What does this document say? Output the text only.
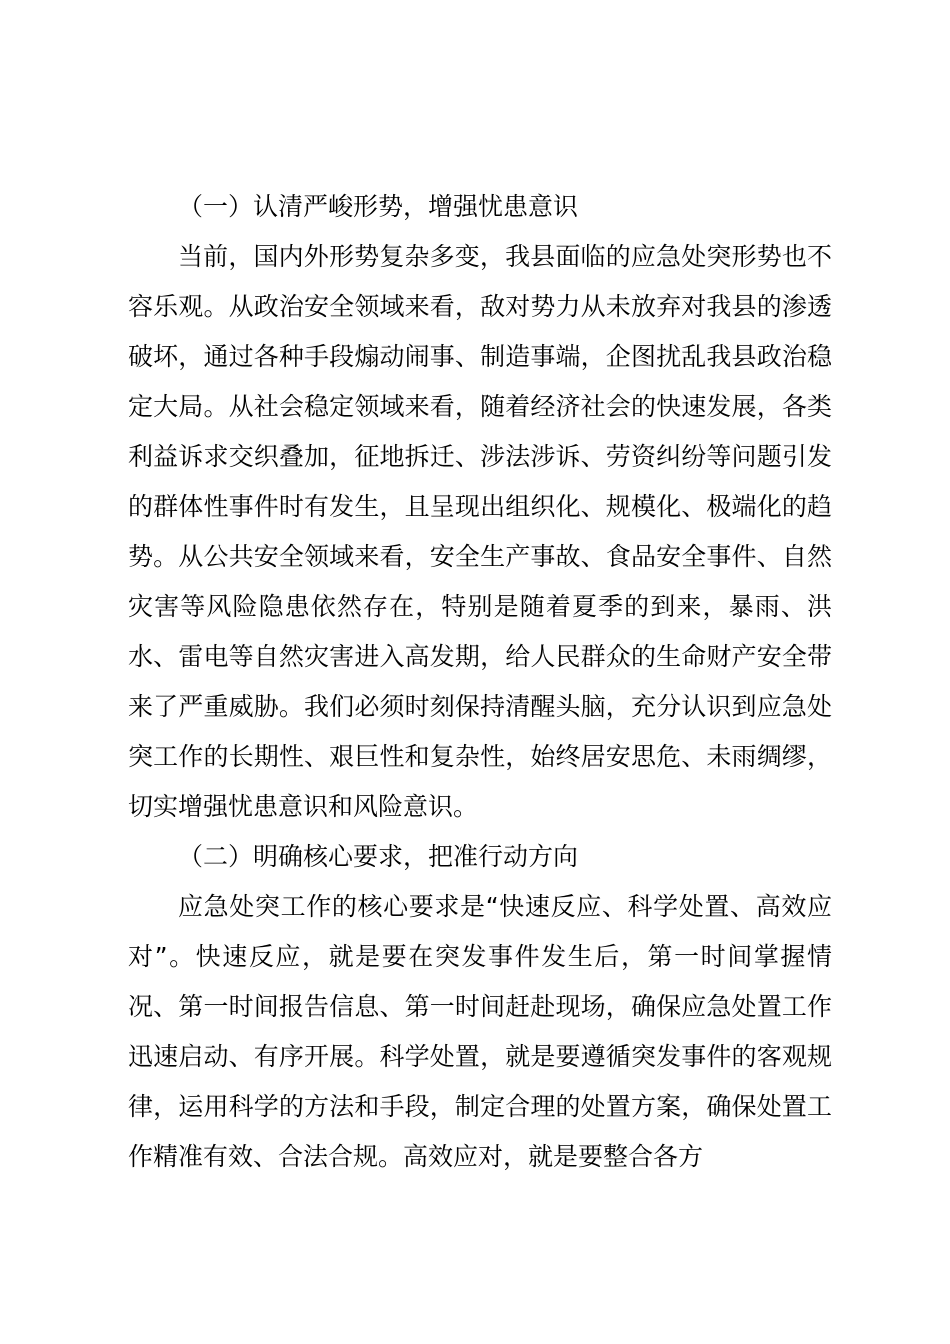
（一）认清严峻形势，增强忧患意识

当前，国内外形势复杂多变，我县面临的应急处突形势也不容乐观。从政治安全领域来看，敌对势力从未放弃对我县的渗透破坏，通过各种手段煽动闹事、制造事端，企图扰乱我县政治稳定大局。从社会稳定领域来看，随着经济社会的快速发展，各类利益诉求交织叠加，征地拆迁、涉法涉诉、劳资纠纷等问题引发的群体性事件时有发生，且呈现出组织化、规模化、极端化的趋势。从公共安全领域来看，安全生产事故、食品安全事件、自然灾害等风险隐患依然存在，特别是随着夏季的到来，暴雨、洪水、雷电等自然灾害进入高发期，给人民群众的生命财产安全带来了严重威胁。我们必须时刻保持清醒头脑，充分认识到应急处突工作的长期性、艰巨性和复杂性，始终居安思危、未雨绸缪，切实增强忧患意识和风险意识。

（二）明确核心要求，把准行动方向

应急处突工作的核心要求是“快速反应、科学处置、高效应对”。快速反应，就是要在突发事件发生后，第一时间掌握情况、第一时间报告信息、第一时间赶赴现场，确保应急处置工作迅速启动、有序开展。科学处置，就是要遵循突发事件的客观规律，运用科学的方法和手段，制定合理的处置方案，确保处置工作精准有效、合法合规。高效应对，就是要整合各方
